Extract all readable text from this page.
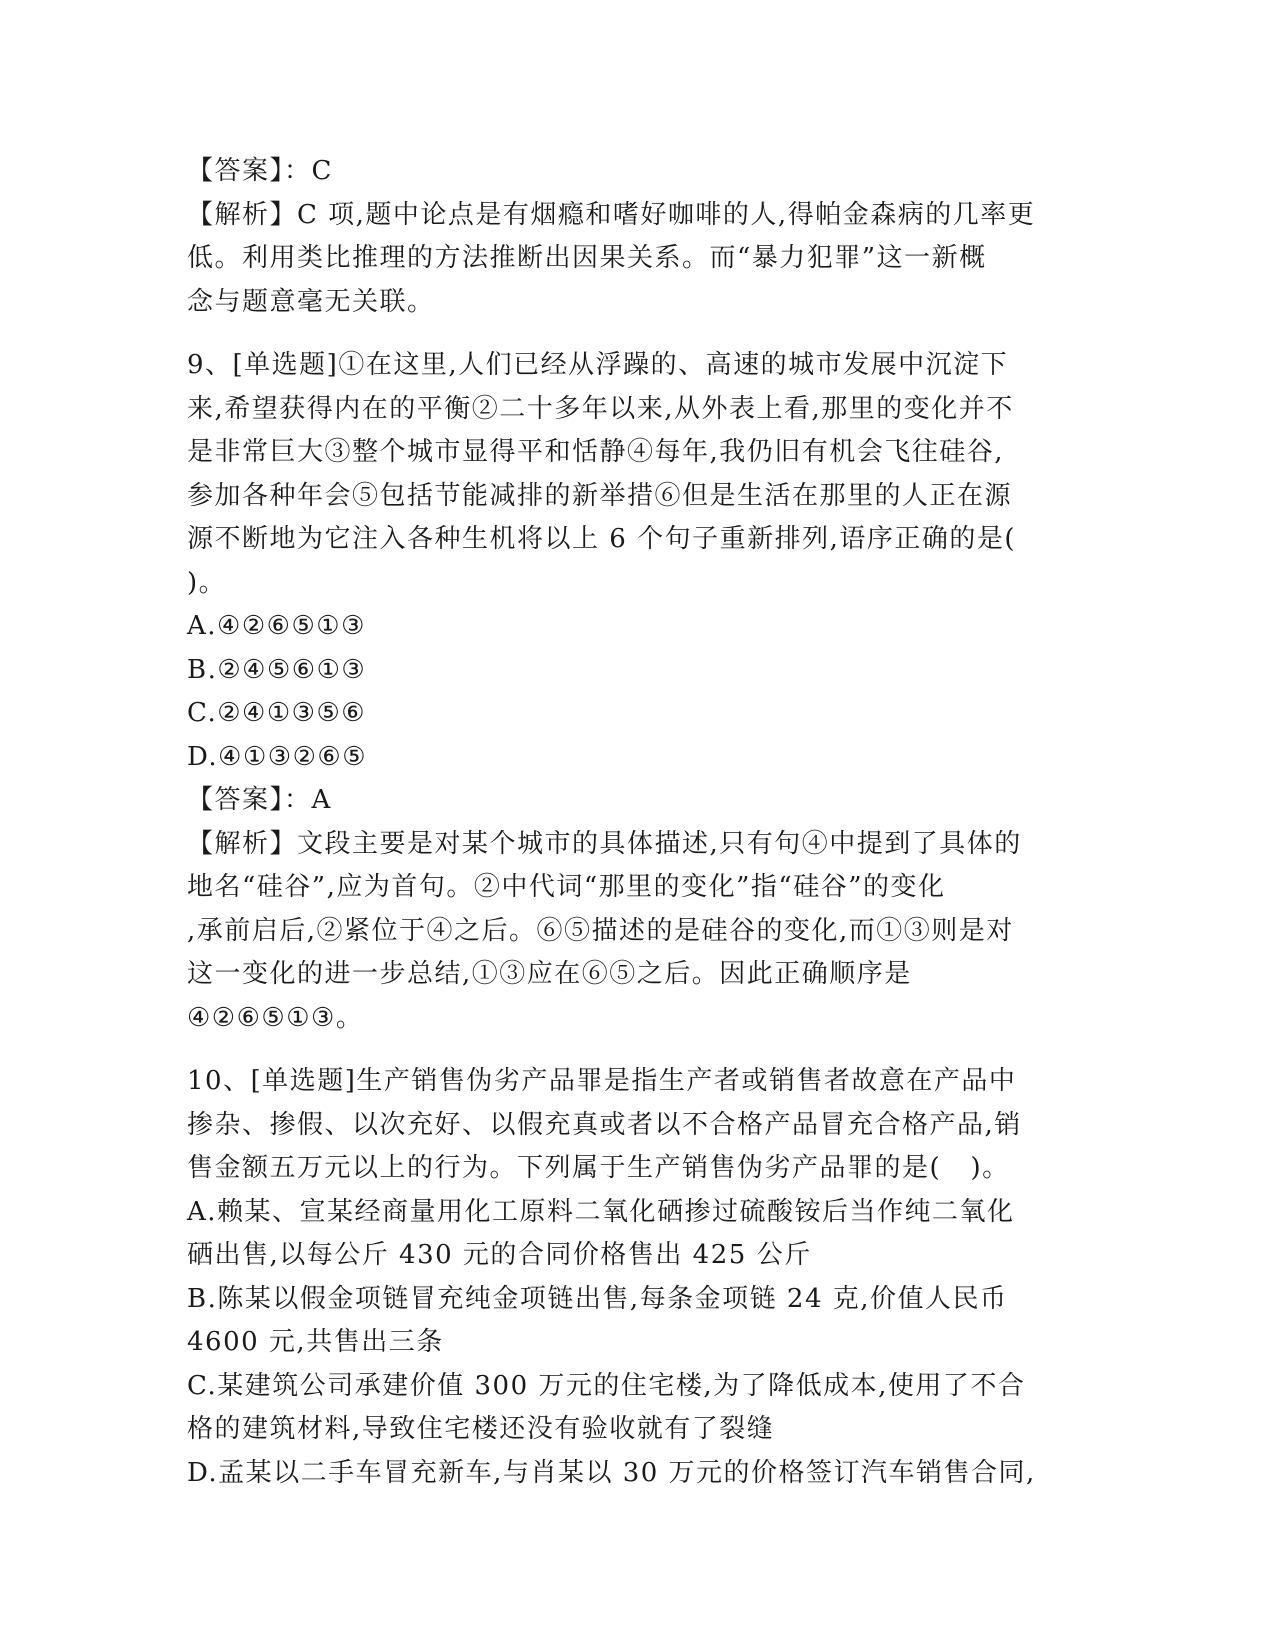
【答案】：C
【解析】C 项,题中论点是有烟瘾和嗜好咖啡的人,得帕金森病的几率更
低。利用类比推理的方法推断出因果关系。而“暴力犯罪”这一新概
念与题意毫无关联。
9、[单选题]①在这里,人们已经从浮躁的、高速的城市发展中沉淀下
来,希望获得内在的平衡②二十多年以来,从外表上看,那里的变化并不
是非常巨大③整个城市显得平和恬静④每年,我仍旧有机会飞往硅谷,
参加各种年会⑤包括节能减排的新举措⑥但是生活在那里的人正在源
源不断地为它注入各种生机将以上 6 个句子重新排列,语序正确的是(
)。
A.④②⑥⑤①③
B.②④⑤⑥①③
C.②④①③⑤⑥
D.④①③②⑥⑤
【答案】：A
【解析】文段主要是对某个城市的具体描述,只有句④中提到了具体的
地名“硅谷”,应为首句。②中代词“那里的变化”指“硅谷”的变化
,承前启后,②紧位于④之后。⑥⑤描述的是硅谷的变化,而①③则是对
这一变化的进一步总结,①③应在⑥⑤之后。因此正确顺序是
④②⑥⑤①③。
10、[单选题]生产销售伪劣产品罪是指生产者或销售者故意在产品中
掺杂、掺假、以次充好、以假充真或者以不合格产品冒充合格产品,销
售金额五万元以上的行为。下列属于生产销售伪劣产品罪的是(   )。
A.赖某、宣某经商量用化工原料二氧化硒掺过硫酸铵后当作纯二氧化
硒出售,以每公斤 430 元的合同价格售出 425 公斤
B.陈某以假金项链冒充纯金项链出售,每条金项链 24 克,价值人民币
4600 元,共售出三条
C.某建筑公司承建价值 300 万元的住宅楼,为了降低成本,使用了不合
格的建筑材料,导致住宅楼还没有验收就有了裂缝
D.孟某以二手车冒充新车,与肖某以 30 万元的价格签订汽车销售合同,
